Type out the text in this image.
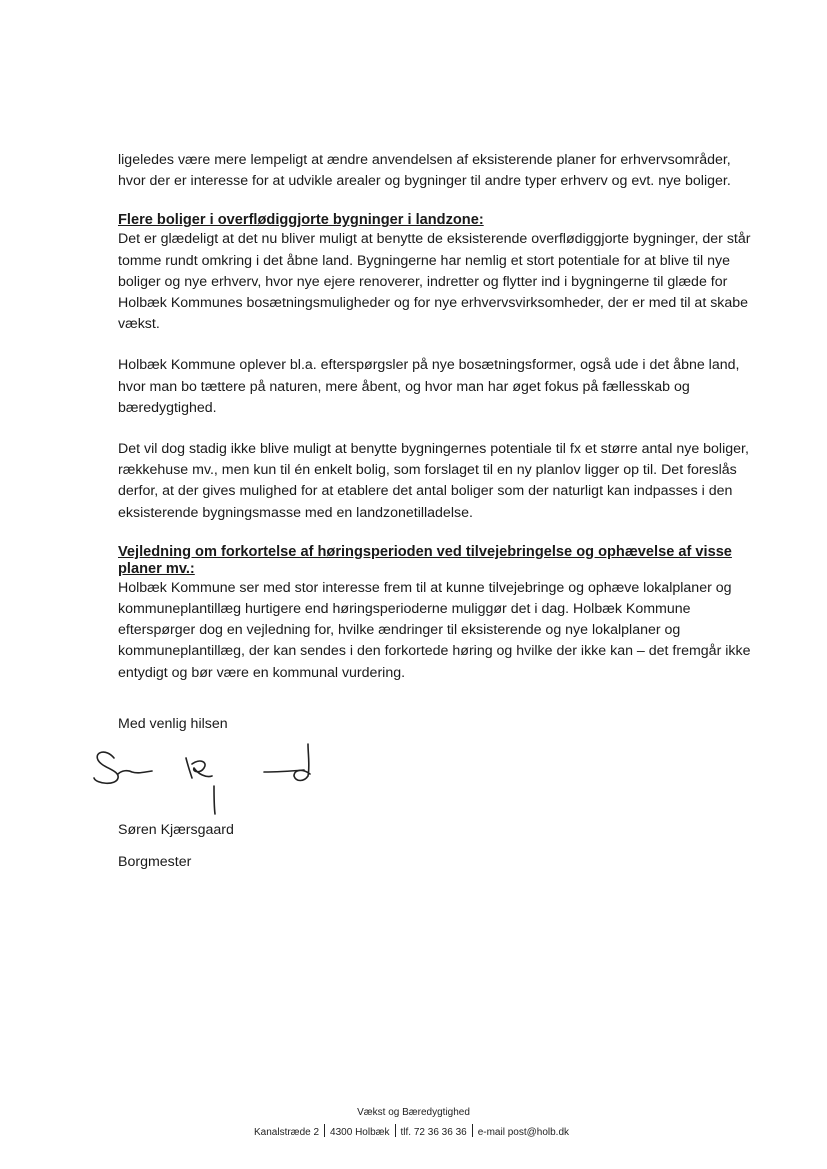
ligeledes være mere lempeligt at ændre anvendelsen af eksisterende planer for erhvervsområder, hvor der er interesse for at udvikle arealer og bygninger til andre typer erhverv og evt. nye boliger.

Flere boliger i overflødiggjorte bygninger i landzone:

Det er glædeligt at det nu bliver muligt at benytte de eksisterende overflødiggjorte bygninger, der står tomme rundt omkring i det åbne land. Bygningerne har nemlig et stort potentiale for at blive til nye boliger og nye erhverv, hvor nye ejere renoverer, indretter og flytter ind i bygningerne til glæde for Holbæk Kommunes bosætningsmuligheder og for nye erhvervsvirksomheder, der er med til at skabe vækst.

Holbæk Kommune oplever bl.a. efterspørgsler på nye bosætningsformer, også ude i det åbne land, hvor man bo tættere på naturen, mere åbent, og hvor man har øget fokus på fællesskab og bæredygtighed.

Det vil dog stadig ikke blive muligt at benytte bygningernes potentiale til fx et større antal nye boliger, rækkehuse mv., men kun til én enkelt bolig, som forslaget til en ny planlov ligger op til. Det foreslås derfor, at der gives mulighed for at etablere det antal boliger som der naturligt kan indpasses i den eksisterende bygningsmasse med en landzonetilladelse.

Vejledning om forkortelse af høringsperioden ved tilvejebringelse og ophævelse af visse planer mv.:

Holbæk Kommune ser med stor interesse frem til at kunne tilvejebringe og ophæve lokalplaner og kommuneplantillæg hurtigere end høringsperioderne muliggør det i dag. Holbæk Kommune efterspørger dog en vejledning for, hvilke ændringer til eksisterende og nye lokalplaner og kommuneplantillæg, der kan sendes i den forkortede høring og hvilke der ikke kan – det fremgår ikke entydigt og bør være en kommunal vurdering.

Med venlig hilsen
Søren Kjærsgaard
Borgmester
Vækst og Bæredygtighed
Kanalstræde 2 4300 Holbæk tlf. 72 36 36 36 e-mail post@holb.dk
